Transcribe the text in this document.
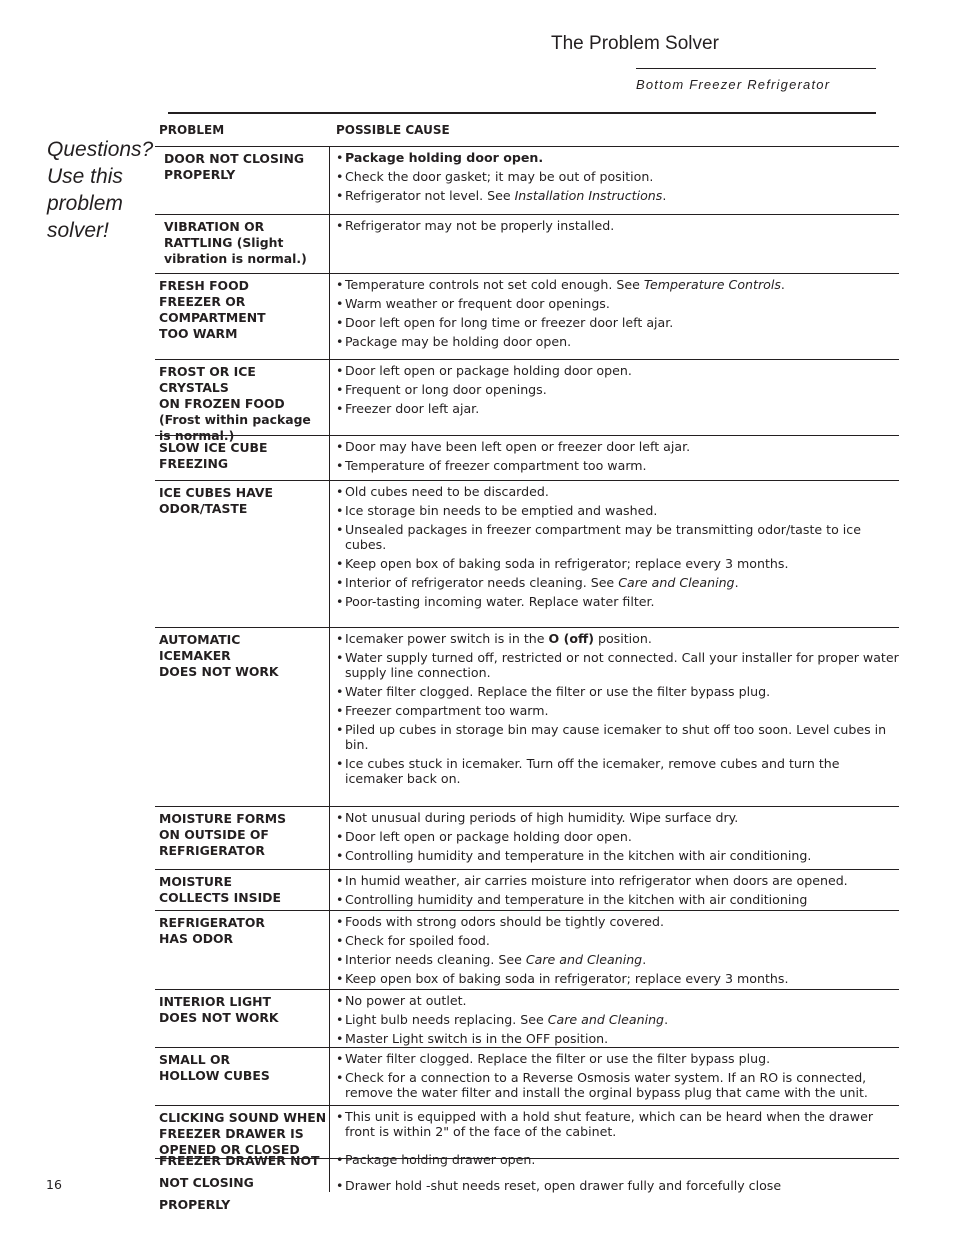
The Problem Solver
Bottom Freezer Refrigerator
Questions? Use this problem solver!
PROBLEM	POSSIBLE CAUSE
DOOR NOT CLOSING
PROPERLY
• Package holding door open.
• Check the door gasket; it may be out of position.
• Refrigerator not level. See Installation Instructions.
VIBRATION OR
RATTLING (Slight
vibration is normal.)
• Refrigerator may not be properly installed.
FRESH FOOD
FREEZER OR
COMPARTMENT
TOO WARM
• Temperature controls not set cold enough. See Temperature Controls.
• Warm weather or frequent door openings.
• Door left open for long time or freezer door left ajar.
• Package may be holding door open.
FROST OR ICE CRYSTALS
ON FROZEN FOOD
(Frost within package
is normal.)
• Door left open or package holding door open.
• Frequent or long door openings.
• Freezer door left ajar.
SLOW ICE CUBE
FREEZING
• Door may have been left open or freezer door left ajar.
• Temperature of freezer compartment too warm.
ICE CUBES HAVE
ODOR/TASTE
• Old cubes need to be discarded.
• Ice storage bin needs to be emptied and washed.
• Unsealed packages in freezer compartment may be transmitting odor/taste to ice cubes.
• Keep open box of baking soda in refrigerator; replace every 3 months.
• Interior of refrigerator needs cleaning. See Care and Cleaning.
• Poor-tasting incoming water. Replace water filter.
AUTOMATIC
ICEMAKER
DOES NOT WORK
• Icemaker power switch is in the O (off) position.
• Water supply turned off, restricted or not connected. Call your installer for proper water supply line connection.
• Water filter clogged. Replace the filter or use the filter bypass plug.
• Freezer compartment too warm.
• Piled up cubes in storage bin may cause icemaker to shut off too soon. Level cubes in bin.
• Ice cubes stuck in icemaker. Turn off the icemaker, remove cubes and turn the icemaker back on.
MOISTURE FORMS
ON OUTSIDE OF
REFRIGERATOR
• Not unusual during periods of high humidity. Wipe surface dry.
• Door left open or package holding door open.
• Controlling humidity and temperature in the kitchen with air conditioning.
MOISTURE
COLLECTS INSIDE
• In humid weather, air carries moisture into refrigerator when doors are opened.
• Controlling humidity and temperature in the kitchen with air conditioning
REFRIGERATOR
HAS ODOR
• Foods with strong odors should be tightly covered.
• Check for spoiled food.
• Interior needs cleaning. See Care and Cleaning.
• Keep open box of baking soda in refrigerator; replace every 3 months.
INTERIOR LIGHT
DOES NOT WORK
• No power at outlet.
• Light bulb needs replacing. See Care and Cleaning.
• Master Light switch is in the OFF position.
SMALL OR
HOLLOW CUBES
• Water filter clogged. Replace the filter or use the filter bypass plug.
• Check for a connection to a Reverse Osmosis water system. If an RO is connected, remove the water filter and install the orginal bypass plug that came with the unit.
CLICKING SOUND WHEN
FREEZER DRAWER IS
OPENED OR CLOSED
• This unit is equipped with a hold shut feature, which can be heard when the drawer front is within 2" of the face of the cabinet.
FREEZER DRAWER NOT
NOT CLOSING PROPERLY
• Package holding drawer open.
• Drawer hold -shut needs reset, open drawer fully and forcefully close
16
